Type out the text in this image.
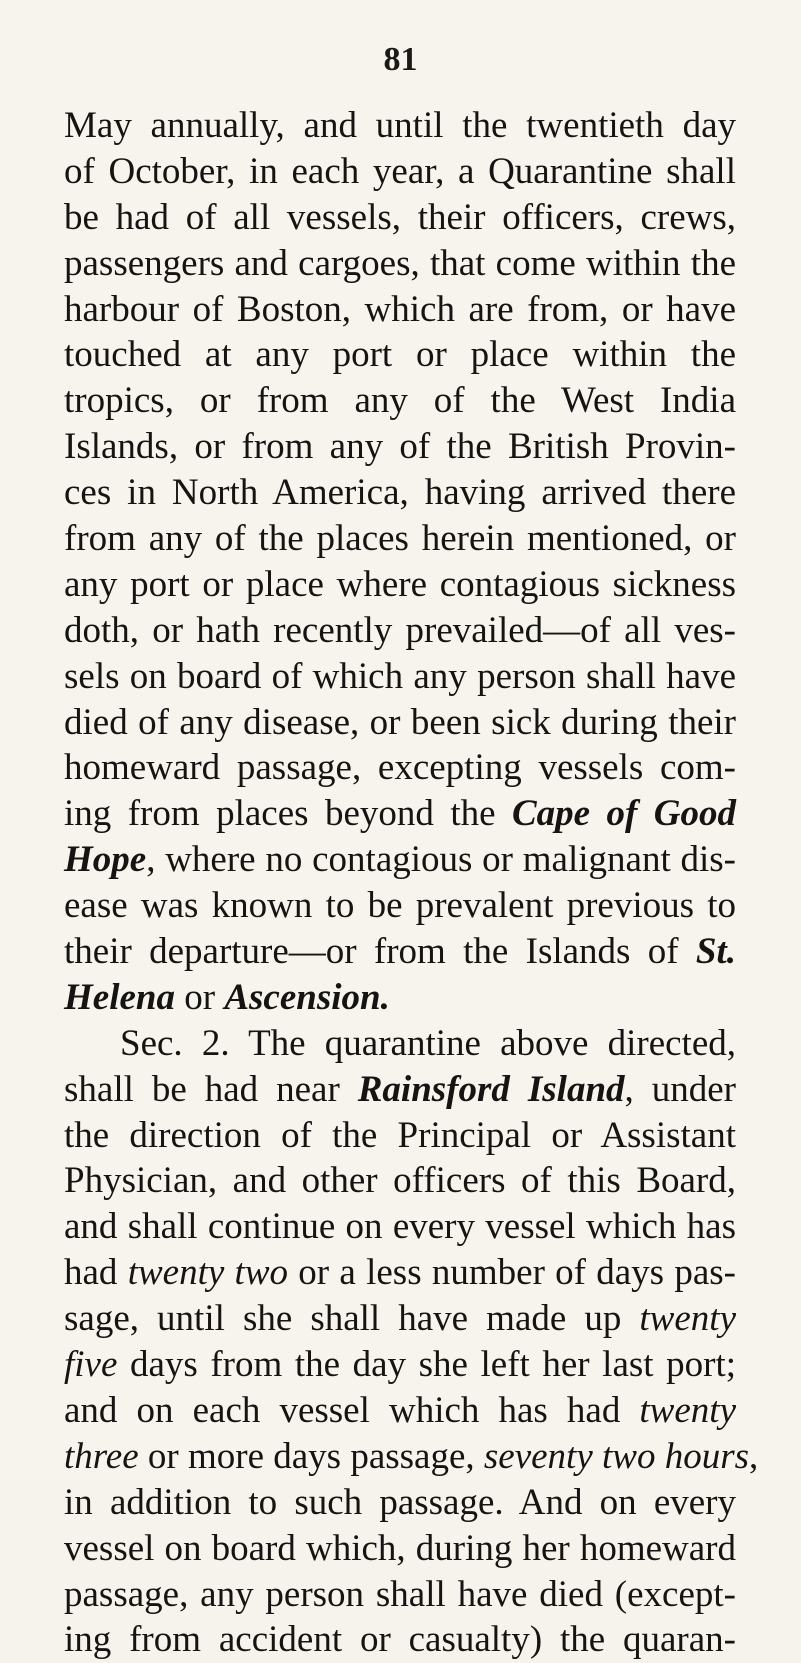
81
May annually, and until the twentieth day
of October, in each year, a Quarantine shall
be had of all vessels, their officers, crews,
passengers and cargoes, that come within the
harbour of Boston, which are from, or have
touched at any port or place within the
tropics, or from any of the West India
Islands, or from any of the British Provin-
ces in North America, having arrived there
from any of the places herein mentioned, or
any port or place where contagious sickness
doth, or hath recently prevailed—of all ves-
sels on board of which any person shall have
died of any disease, or been sick during their
homeward passage, excepting vessels com-
ing from places beyond the Cape of Good
Hope, where no contagious or malignant dis-
ease was known to be prevalent previous to
their departure—or from the Islands of St.
Helena or Ascension.
Sec. 2. The quarantine above directed,
shall be had near Rainsford Island, under
the direction of the Principal or Assistant
Physician, and other officers of this Board,
and shall continue on every vessel which has
had twenty two or a less number of days pas-
sage, until she shall have made up twenty
five days from the day she left her last port;
and on each vessel which has had twenty
three or more days passage, seventy two hours,
in addition to such passage. And on every
vessel on board which, during her homeward
passage, any person shall have died (except-
ing from accident or casualty) the quaran-
